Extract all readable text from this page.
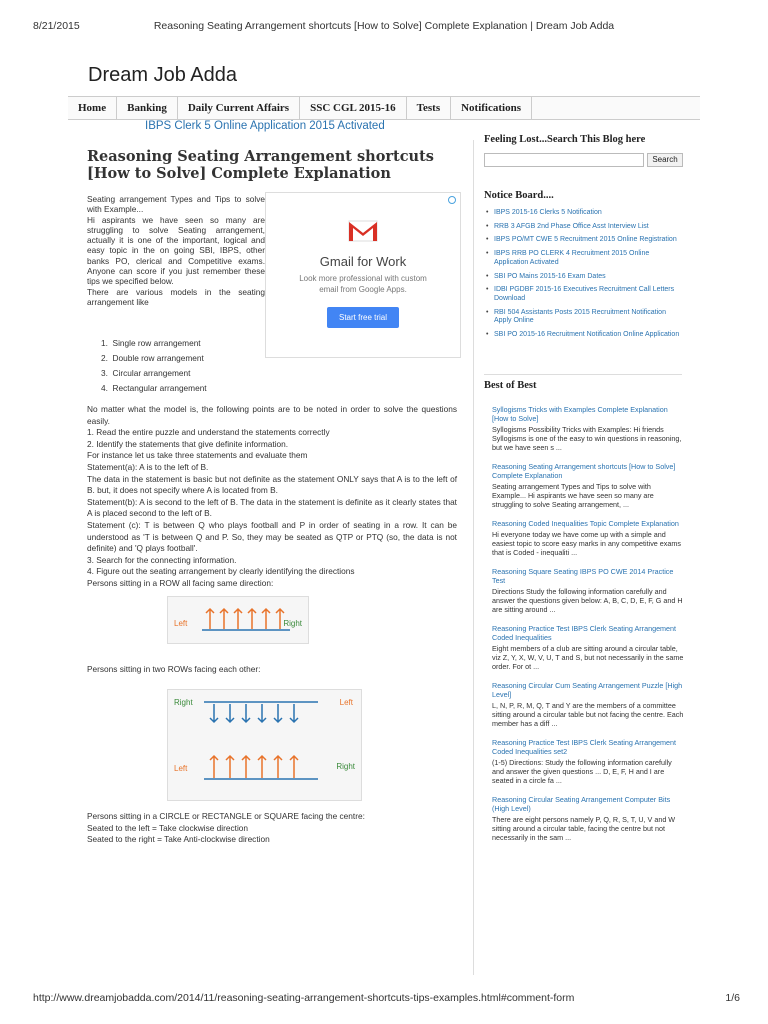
8/21/2015	Reasoning Seating Arrangement shortcuts [How to Solve] Complete Explanation | Dream Job Adda
Dream Job Adda
Home	Banking	Daily Current Affairs	SSC CGL 2015-16	Tests	Notifications
IBPS Clerk 5 Online Application 2015 Activated
Reasoning Seating Arrangement shortcuts [How to Solve] Complete Explanation
Seating arrangement Types and Tips to solve with Example...
Hi aspirants we have seen so many are struggling to solve Seating arrangement, actually it is one of the important, logical and easy topic in the on going SBI, IBPS, other banks PO, clerical and Competitive exams. Anyone can score if you just remember these tips we specified below.
There are various models in the seating arrangement like
Gmail for Work
Look more professional with custom email from Google Apps.
Start free trial
1.  Single row arrangement
2.  Double row arrangement
3.  Circular arrangement
4.  Rectangular arrangement

No matter what the model is, the following points are to be noted in order to solve the questions easily.

1. Read the entire puzzle and understand the statements correctly

2. Identify the statements that give definite information.

For instance let us take three statements and evaluate them

Statement(a): A is to the left of B.

The data in the statement is basic but not definite as the statement ONLY says that A is to the left of B. but, it does not specify where A is located from B.

Statement(b): A is second to the left of B. The data in the statement is definite as it clearly states that A is placed second to the left of B.

Statement (c): T is between Q who plays football and P in order of seating in a row. It can be understood as 'T is between Q and P. So, they may be seated as QTP or PTQ (so, the data is not definite) and 'Q plays football'.

3. Search for the connecting information.

4. Figure out the seating arrangement by clearly identifying the directions

Persons sitting in a ROW all facing same direction:

Left	Right
Persons sitting in two ROWs facing each other:
Right	Left
Left	Right

Persons sitting in a CIRCLE or RECTANGLE or SQUARE facing the centre:

Seated to the left = Take clockwise direction

Seated to the right = Take Anti-clockwise direction

Feeling Lost...Search This Blog here
Search
Notice Board....
• IBPS 2015-16 Clerks 5 Notification
• RRB 3 AFGB 2nd Phase Office Asst Interview List
• IBPS PO/MT CWE 5 Recruitment 2015 Online Registration
• IBPS RRB PO CLERK 4 Recruitment 2015 Online Application Activated
• SBI PO Mains 2015-16 Exam Dates
• IDBI PGDBF 2015-16 Executives Recruitment Call Letters Download
• RBI 504 Assistants Posts 2015 Recruitment Notification Apply Online
• SBI PO 2015-16 Recruitment Notification Online Application
Best of Best
Syllogisms Tricks with Examples Complete Explanation [How to Solve]
Syllogisms Possibility Tricks with Examples: Hi friends Syllogisms is one of the easy to win questions in reasoning, but we have seen s ...
Reasoning Seating Arrangement shortcuts [How to Solve] Complete Explanation
Seating arrangement Types and Tips to solve with Example... Hi aspirants we have seen so many are struggling to solve Seating arrangement, ...
Reasoning Coded Inequalities Topic Complete Explanation
Hi everyone today we have come up with a simple and easiest topic to score easy marks in any competitive exams that is Coded - inequaliti ...
Reasoning Square Seating IBPS PO CWE 2014 Practice Test
Directions Study the following information carefully and answer the questions given below: A, B, C, D, E, F, G and H are sitting around ...
Reasoning Practice Test IBPS Clerk Seating Arrangement Coded Inequalities
Eight members of a club are sitting around a circular table, viz Z, Y, X, W, V, U, T and S, but not necessarily in the same order. For ot ...
Reasoning Circular Cum Seating Arrangement Puzzle [High Level]
L, N, P, R, M, Q, T and Y are the members of a committee sitting around a circular table but not facing the centre. Each member has a diff ...
Reasoning Practice Test IBPS Clerk Seating Arrangement Coded Inequalities set2
(1-5) Directions: Study the following information carefully and answer the given questions ... D, E, F, H and I are seated in a circle fa ...
Reasoning Circular Seating Arrangement Computer Bits (High Level)
There are eight persons namely P, Q, R, S, T, U, V and W sitting around a circular table, facing the centre but not necessarily in the sam ...
http://www.dreamjobadda.com/2014/11/reasoning-seating-arrangement-shortcuts-tips-examples.html#comment-form	1/6
